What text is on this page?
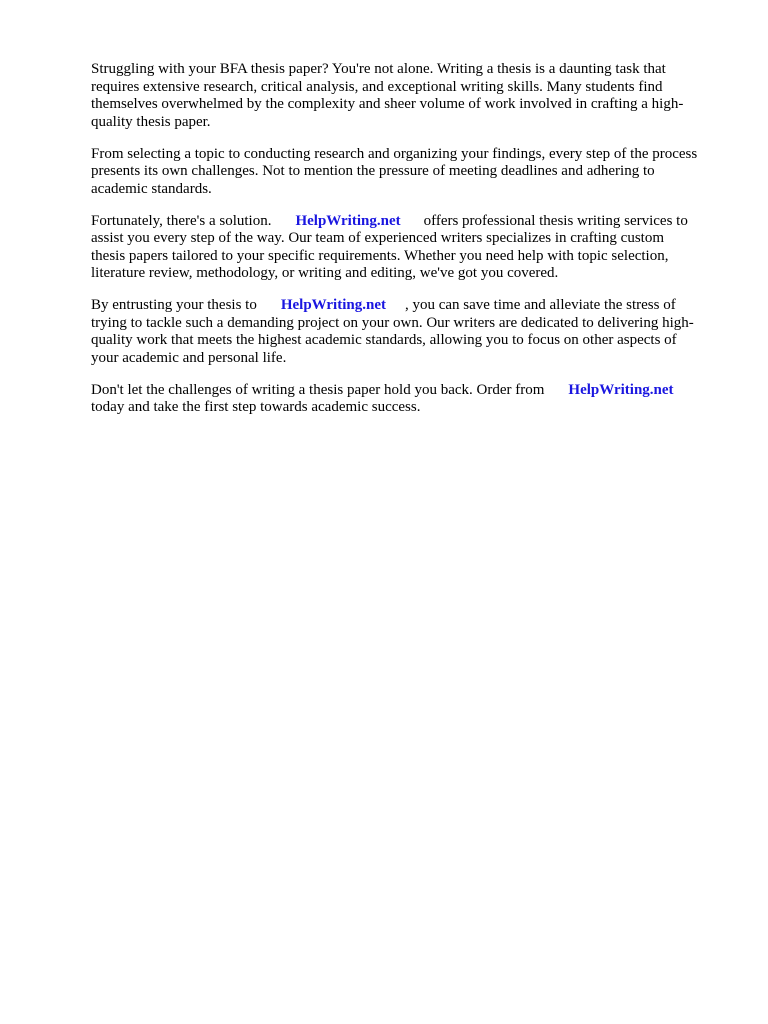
Struggling with your BFA thesis paper? You're not alone. Writing a thesis is a daunting task that
requires extensive research, critical analysis, and exceptional writing skills. Many students find
themselves overwhelmed by the complexity and sheer volume of work involved in crafting a high-
quality thesis paper.

From selecting a topic to conducting research and organizing your findings, every step of the process
presents its own challenges. Not to mention the pressure of meeting deadlines and adhering to
academic standards.

Fortunately, there's a solution. HelpWriting.net offers professional thesis writing services to
assist you every step of the way. Our team of experienced writers specializes in crafting custom
thesis papers tailored to your specific requirements. Whether you need help with topic selection,
literature review, methodology, or writing and editing, we've got you covered.

By entrusting your thesis to HelpWriting.net , you can save time and alleviate the stress of
trying to tackle such a demanding project on your own. Our writers are dedicated to delivering high-
quality work that meets the highest academic standards, allowing you to focus on other aspects of
your academic and personal life.

Don't let the challenges of writing a thesis paper hold you back. Order from HelpWriting.net
today and take the first step towards academic success.
